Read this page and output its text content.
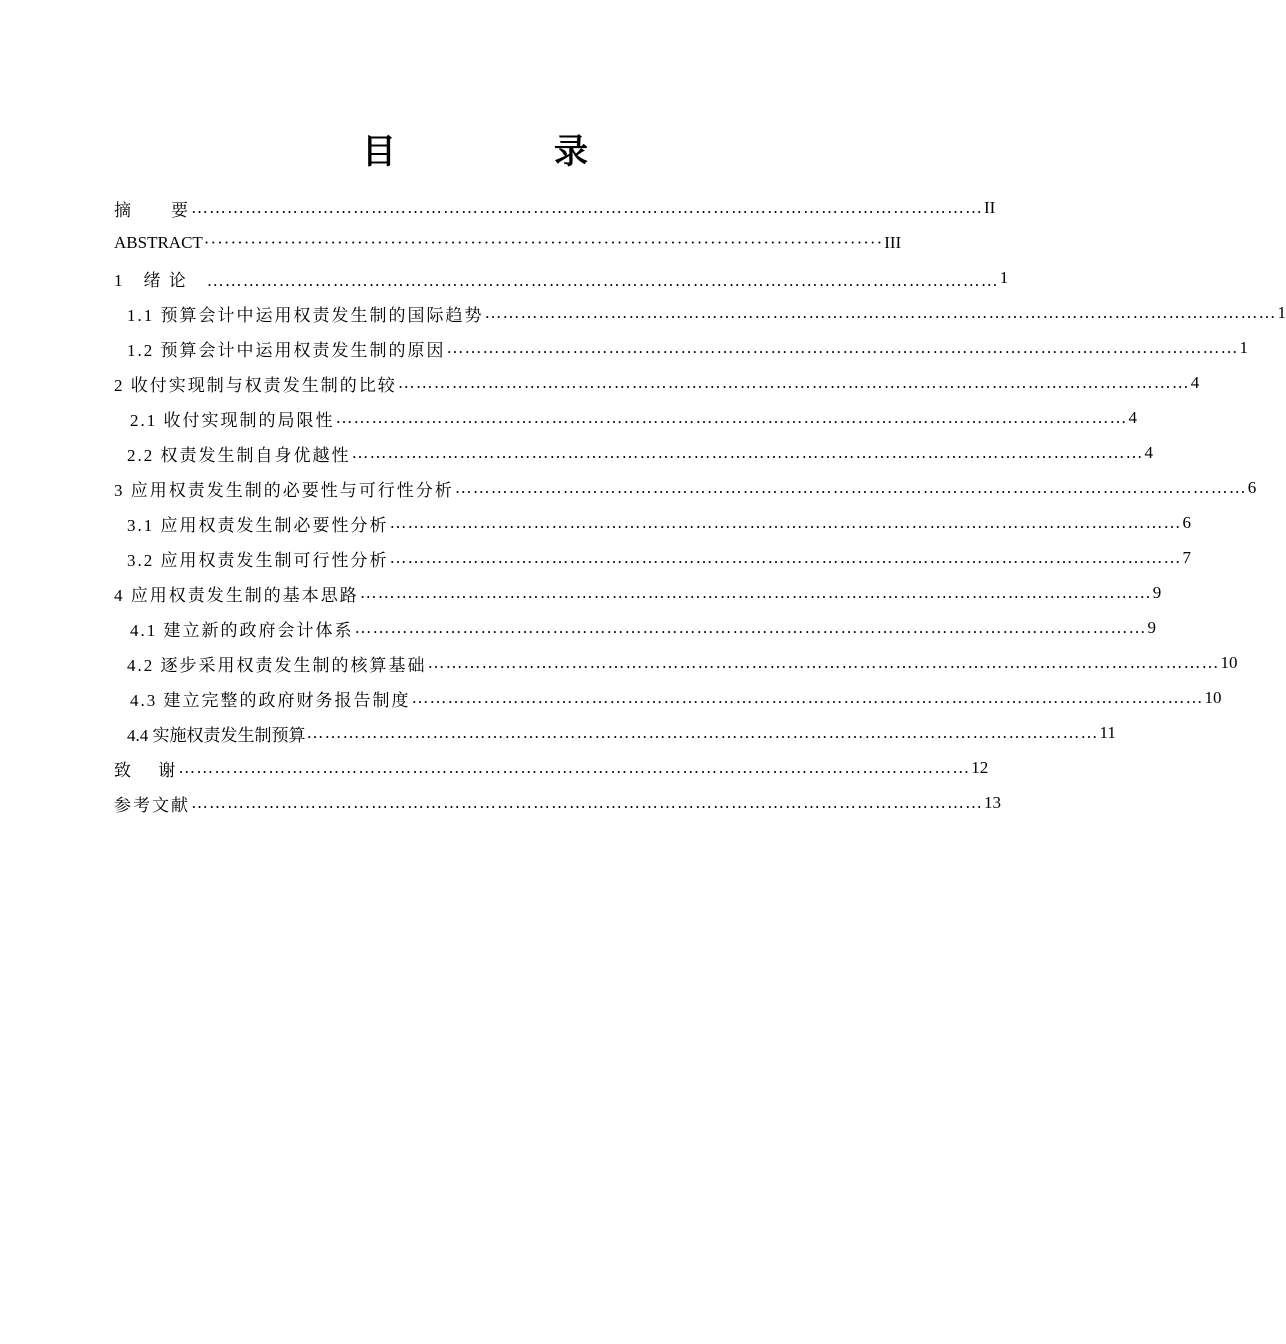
目　录
摘　　要 …………………………………………………………………………………………………………………… II
ABSTRACT ······································································································ III
1　绪 论 　…………………………………………………………………………………………………………………… 1
1.1 预算会计中运用权责发生制的国际趋势 …………………………………………………………………………………………………………………… 1
1.2 预算会计中运用权责发生制的原因 …………………………………………………………………………………………………………………… 1
2 收付实现制与权责发生制的比较 …………………………………………………………………………………………………………………… 4
2.1 收付实现制的局限性 …………………………………………………………………………………………………………………… 4
2.2 权责发生制自身优越性 …………………………………………………………………………………………………………………… 4
3 应用权责发生制的必要性与可行性分析 …………………………………………………………………………………………………………………… 6
3.1 应用权责发生制必要性分析 …………………………………………………………………………………………………………………… 6
3.2 应用权责发生制可行性分析 …………………………………………………………………………………………………………………… 7
4 应用权责发生制的基本思路 …………………………………………………………………………………………………………………… 9
4.1 建立新的政府会计体系 …………………………………………………………………………………………………………………… 9
4.2 逐步采用权责发生制的核算基础 …………………………………………………………………………………………………………………… 10
4.3 建立完整的政府财务报告制度 …………………………………………………………………………………………………………………… 10
4.4 实施权责发生制预算 …………………………………………………………………………………………………………………… 11
致　 谢 …………………………………………………………………………………………………………………… 12
参考文献 …………………………………………………………………………………………………………………… 13
